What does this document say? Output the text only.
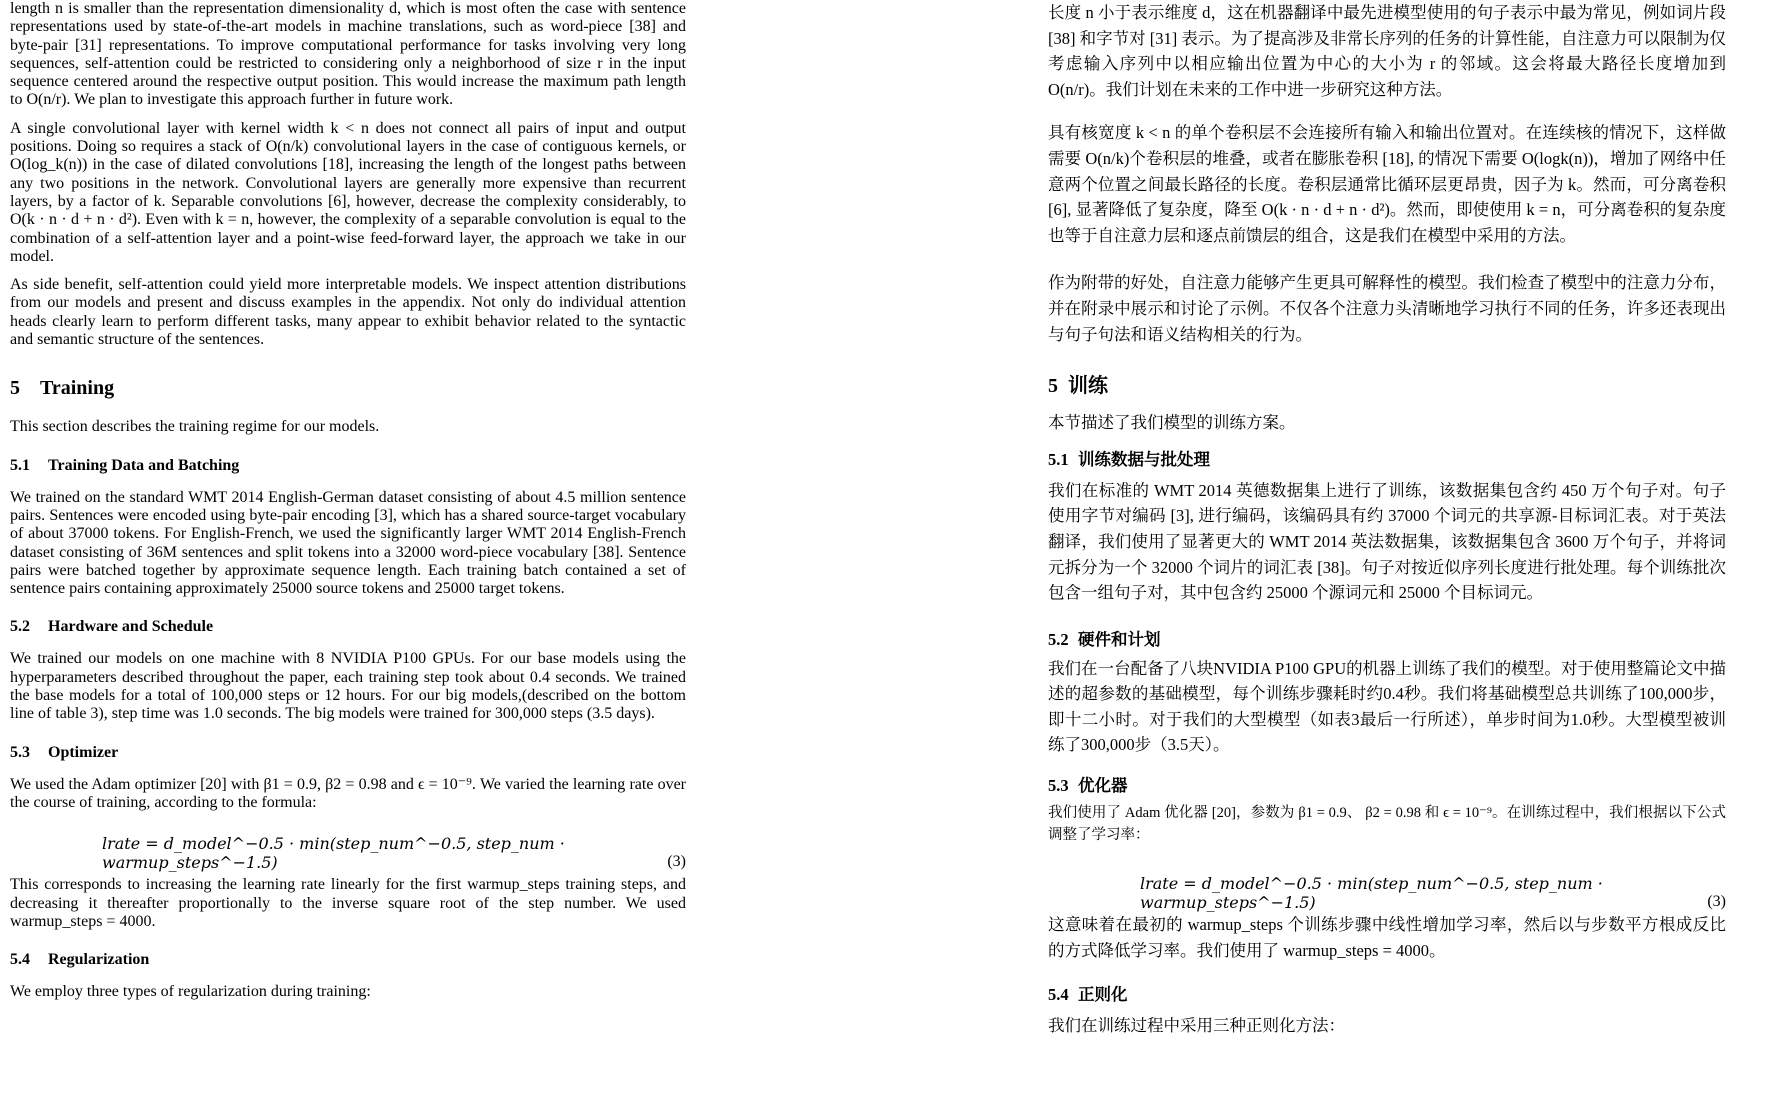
length n is smaller than the representation dimensionality d, which is most often the case with sentence representations used by state-of-the-art models in machine translations, such as word-piece [38] and byte-pair [31] representations. To improve computational performance for tasks involving very long sequences, self-attention could be restricted to considering only a neighborhood of size r in the input sequence centered around the respective output position. This would increase the maximum path length to O(n/r). We plan to investigate this approach further in future work.

A single convolutional layer with kernel width k < n does not connect all pairs of input and output positions. Doing so requires a stack of O(n/k) convolutional layers in the case of contiguous kernels, or O(log_k(n)) in the case of dilated convolutions [18], increasing the length of the longest paths between any two positions in the network. Convolutional layers are generally more expensive than recurrent layers, by a factor of k. Separable convolutions [6], however, decrease the complexity considerably, to O(k · n · d + n · d²). Even with k = n, however, the complexity of a separable convolution is equal to the combination of a self-attention layer and a point-wise feed-forward layer, the approach we take in our model.

As side benefit, self-attention could yield more interpretable models. We inspect attention distributions from our models and present and discuss examples in the appendix. Not only do individual attention heads clearly learn to perform different tasks, many appear to exhibit behavior related to the syntactic and semantic structure of the sentences.

5 Training

This section describes the training regime for our models.

5.1 Training Data and Batching

We trained on the standard WMT 2014 English-German dataset consisting of about 4.5 million sentence pairs. Sentences were encoded using byte-pair encoding [3], which has a shared source-target vocabulary of about 37000 tokens. For English-French, we used the significantly larger WMT 2014 English-French dataset consisting of 36M sentences and split tokens into a 32000 word-piece vocabulary [38]. Sentence pairs were batched together by approximate sequence length. Each training batch contained a set of sentence pairs containing approximately 25000 source tokens and 25000 target tokens.

5.2 Hardware and Schedule

We trained our models on one machine with 8 NVIDIA P100 GPUs. For our base models using the hyperparameters described throughout the paper, each training step took about 0.4 seconds. We trained the base models for a total of 100,000 steps or 12 hours. For our big models,(described on the bottom line of table 3), step time was 1.0 seconds. The big models were trained for 300,000 steps (3.5 days).

5.3 Optimizer

We used the Adam optimizer [20] with β1 = 0.9, β2 = 0.98 and ϵ = 10⁻⁹. We varied the learning rate over the course of training, according to the formula:

lrate = d_model^−0.5 · min(step_num^−0.5, step_num · warmup_steps^−1.5)	(3)

This corresponds to increasing the learning rate linearly for the first warmup_steps training steps, and decreasing it thereafter proportionally to the inverse square root of the step number. We used warmup_steps = 4000.

5.4 Regularization

We employ three types of regularization during training:

长度 n 小于表示维度 d，这在机器翻译中最先进模型使用的句子表示中最为常见，例如词片段[38] 和字节对 [31] 表示。为了提高涉及非常长序列的任务的计算性能，自注意力可以限制为仅考虑输入序列中以相应输出位置为中心的大小为 r 的邻域。这会将最大路径长度增加到 O(n/r)。我们计划在未来的工作中进一步研究这种方法。

具有核宽度 k < n 的单个卷积层不会连接所有输入和输出位置对。在连续核的情况下，这样做需要 O(n/k)个卷积层的堆叠，或者在膨胀卷积 [18], 的情况下需要 O(logk(n))，增加了网络中任意两个位置之间最长路径的长度。卷积层通常比循环层更昂贵，因子为 k。然而，可分离卷积 [6], 显著降低了复杂度，降至 O(k · n · d + n · d²)。然而，即使使用 k = n，可分离卷积的复杂度也等于自注意力层和逐点前馈层的组合，这是我们在模型中采用的方法。

作为附带的好处，自注意力能够产生更具可解释性的模型。我们检查了模型中的注意力分布，并在附录中展示和讨论了示例。不仅各个注意力头清晰地学习执行不同的任务，许多还表现出与句子句法和语义结构相关的行为。

5 训练

本节描述了我们模型的训练方案。

5.1 训练数据与批处理

我们在标准的 WMT 2014 英德数据集上进行了训练，该数据集包含约 450 万个句子对。句子使用字节对编码 [3], 进行编码，该编码具有约 37000 个词元的共享源-目标词汇表。对于英法翻译，我们使用了显著更大的 WMT 2014 英法数据集，该数据集包含 3600 万个句子，并将词元拆分为一个 32000 个词片的词汇表 [38]。句子对按近似序列长度进行批处理。每个训练批次包含一组句子对，其中包含约 25000 个源词元和 25000 个目标词元。

5.2 硬件和计划

我们在一台配备了八块NVIDIA P100 GPU的机器上训练了我们的模型。对于使用整篇论文中描述的超参数的基础模型，每个训练步骤耗时约0.4秒。我们将基础模型总共训练了100,000步，即十二小时。对于我们的大型模型（如表3最后一行所述），单步时间为1.0秒。大型模型被训练了300,000步（3.5天）。

5.3 优化器

我们使用了 Adam 优化器 [20]，参数为 β1 = 0.9、 β2 = 0.98 和 ϵ = 10⁻⁹。在训练过程中，我们根据以下公式调整了学习率：

lrate = d_model^−0.5 · min(step_num^−0.5, step_num · warmup_steps^−1.5)	(3)

这意味着在最初的 warmup_steps 个训练步骤中线性增加学习率，然后以与步数平方根成反比的方式降低学习率。我们使用了 warmup_steps = 4000。

5.4 正则化

我们在训练过程中采用三种正则化方法：
